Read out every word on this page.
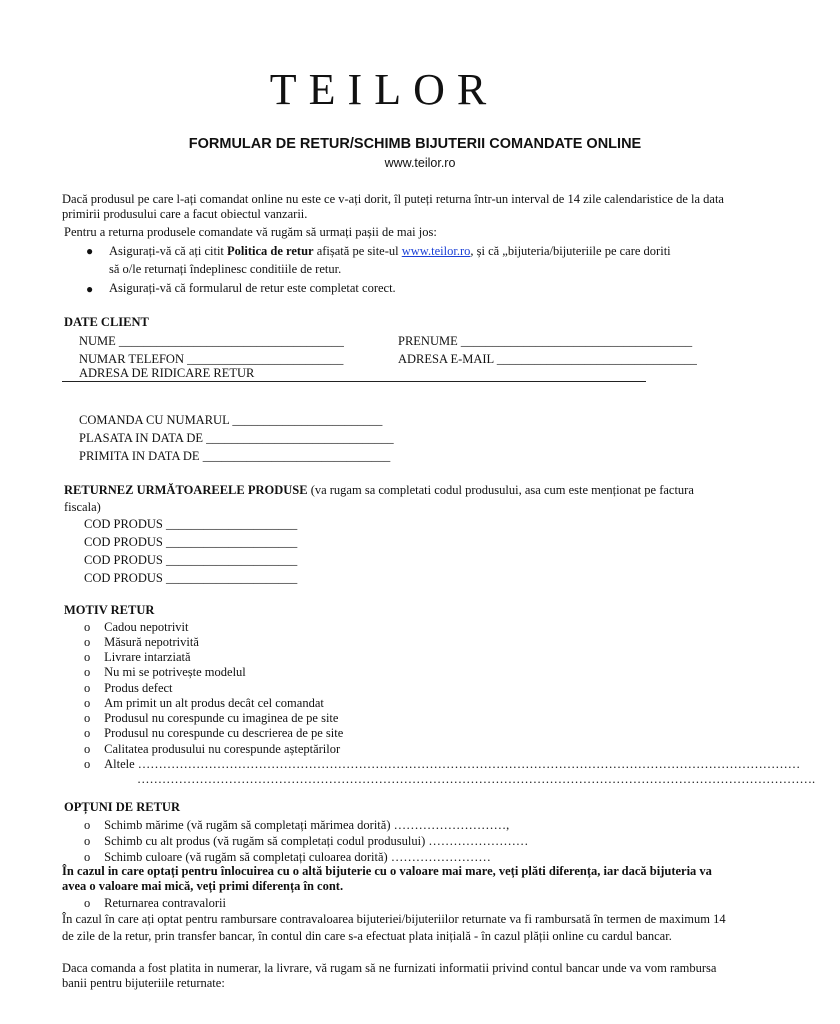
TEILOR
FORMULAR DE RETUR/SCHIMB BIJUTERII COMANDATE ONLINE
www.teilor.ro
Dacă produsul pe care l-ați comandat online nu este ce v-ați dorit, îl puteți returna într-un interval de 14 zile calendaristice de la data primirii produsului care a facut obiectul vanzarii.
Pentru a returna produsele comandate vă rugăm să urmați pașii de mai jos:
● Asigurați-vă că ați citit Politica de retur afișată pe site-ul www.teilor.ro, și că „bijuteria/bijuteriile pe care doriti
să o/le returnați îndeplinesc conditiile de retur.
● Asigurați-vă că formularul de retur este completat corect.
DATE CLIENT
NUME ____________________________________	PRENUME _____________________________________
NUMAR TELEFON _________________________	ADRESA E-MAIL ________________________________
ADRESA DE RIDICARE RETUR
COMANDA CU NUMARUL ________________________
PLASATA IN DATA DE ______________________________
PRIMITA IN DATA DE ______________________________
RETURNEZ URMĂTOAREELE PRODUSE (va rugam sa completati codul produsului, asa cum este menționat pe factura
fiscala)
COD PRODUS _____________________
COD PRODUS _____________________
COD PRODUS _____________________
COD PRODUS _____________________
MOTIV RETUR
o Cadou nepotrivit
o Măsură nepotrivită
o Livrare intarziată
o Nu mi se potrivește modelul
o Produs defect
o Am primit un alt produs decât cel comandat
o Produsul nu corespunde cu imaginea de pe site
o Produsul nu corespunde cu descrierea de pe site
o Calitatea produsului nu corespunde așteptărilor
o Altele ……………………………………………………………………………………………………………………………………………
……………………………………………………………………………………………………………………………………………….
OPȚUNI DE RETUR
o Schimb mărime (vă rugăm să completați mărimea dorită) ………………………,
o Schimb cu alt produs (vă rugăm să completați codul produsului) ……………………
o Schimb culoare (vă rugăm să completați culoarea dorită) ……………………
În cazul in care optați pentru înlocuirea cu o altă bijuterie cu o valoare mai mare, veți plăti diferența, iar dacă bijuteria va avea o valoare mai mică, veți primi diferența în cont.
o Returnarea contravalorii
În cazul în care ați optat pentru rambursare contravaloarea bijuteriei/bijuteriilor returnate va fi rambursată în termen de maximum 14 de zile de la retur, prin transfer bancar, în contul din care s-a efectuat plata inițială - în cazul plății online cu cardul bancar.
Daca comanda a fost platita in numerar, la livrare, vă rugam să ne furnizati informatii privind contul bancar unde va vom rambursa banii pentru bijuteriile returnate:
